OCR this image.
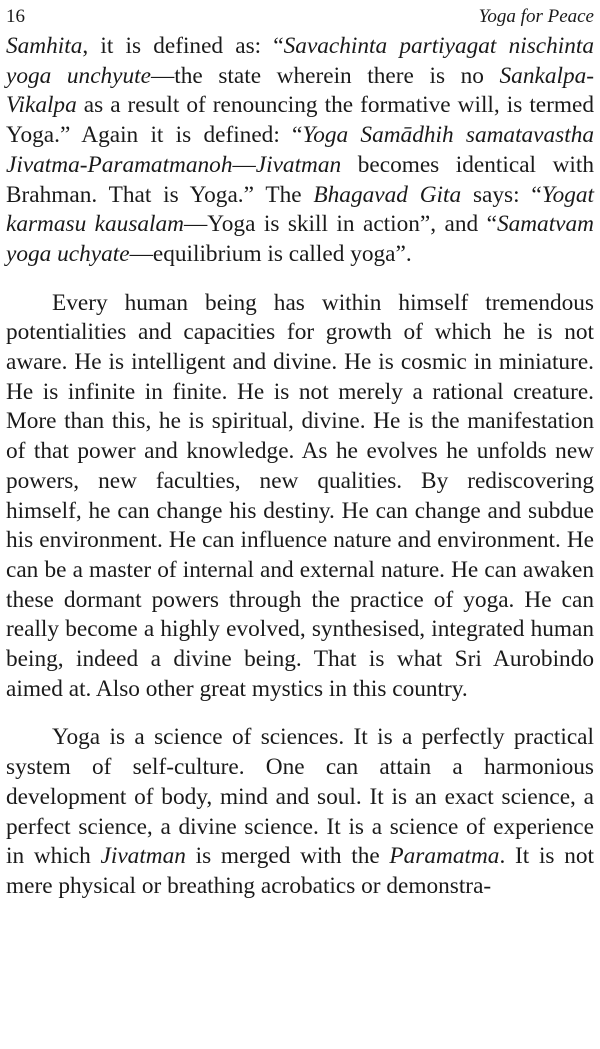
16	Yoga for Peace

Samhita, it is defined as: “Savachinta partiyagat nischinta yoga unchyute—the state wherein there is no Sankalpa-Vikalpa as a result of renouncing the formative will, is termed Yoga.” Again it is defined: “Yoga Samādhih samatavastha Jivatma-Paramatmanoh—Jivatman becomes identical with Brahman. That is Yoga.” The Bhagavad Gita says: “Yogat karmasu kausalam—Yoga is skill in action”, and “Samatvam yoga uchyate—equilibrium is called yoga”.

Every human being has within himself tremendous potentialities and capacities for growth of which he is not aware. He is intelligent and divine. He is cosmic in miniature. He is infinite in finite. He is not merely a rational creature. More than this, he is spiritual, divine. He is the manifestation of that power and knowledge. As he evolves he unfolds new powers, new faculties, new qualities. By rediscovering himself, he can change his destiny. He can change and subdue his environment. He can influence nature and environment. He can be a master of internal and external nature. He can awaken these dormant powers through the practice of yoga. He can really become a highly evolved, synthesised, integrated human being, indeed a divine being. That is what Sri Aurobindo aimed at. Also other great mystics in this country.

Yoga is a science of sciences. It is a perfectly practical system of self-culture. One can attain a harmonious development of body, mind and soul. It is an exact science, a perfect science, a divine science. It is a science of experience in which Jivatman is merged with the Paramatma. It is not mere physical or breathing acrobatics or demonstra-
